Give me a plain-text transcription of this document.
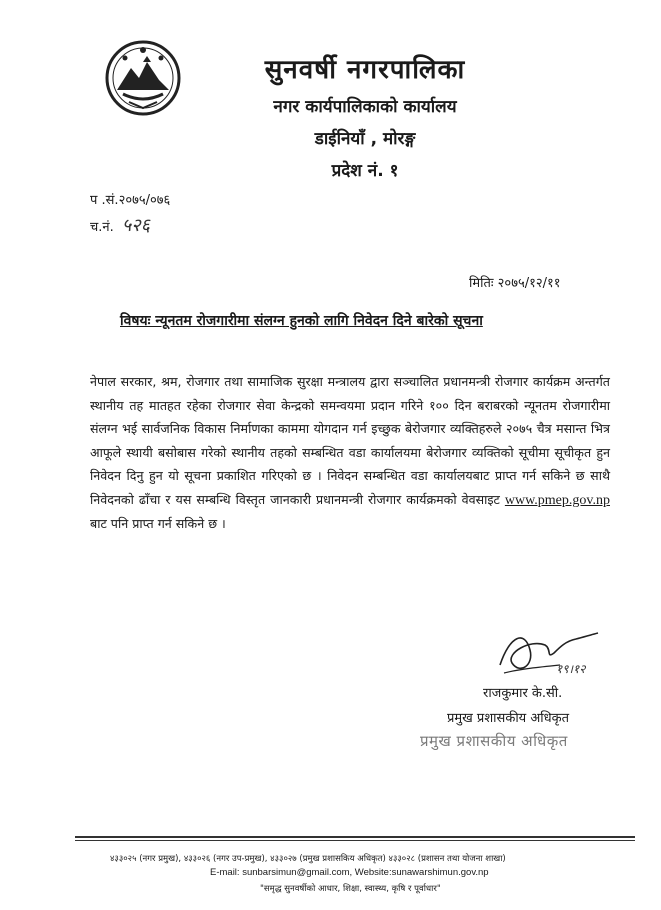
सुनवर्षी नगरपालिका
नगर कार्यपालिकाको कार्यालय
डाईनियाँ , मोरङ्ग
प्रदेश नं. १
प .सं.२०७५/०७६
च.नं. ५२६
मितिः २०७५/१२/११
विषयः न्यूनतम रोजगारीमा संलग्न हुनको लागि निवेदन दिने बारेको सूचना
नेपाल सरकार, श्रम, रोजगार तथा सामाजिक सुरक्षा मन्त्रालय द्वारा सञ्चालित प्रधानमन्त्री रोजगार कार्यक्रम अन्तर्गत स्थानीय तह मातहत रहेका रोजगार सेवा केन्द्रको समन्वयमा प्रदान गरिने १०० दिन बराबरको न्यूनतम रोजगारीमा संलग्न भई सार्वजनिक विकास निर्माणका काममा योगदान गर्न इच्छुक बेरोजगार व्यक्तिहरुले २०७५ चैत्र मसान्त भित्र आफूले स्थायी बसोबास गरेको स्थानीय तहको सम्बन्धित वडा कार्यालयमा बेरोजगार व्यक्तिको सूचीमा सूचीकृत हुन निवेदन दिनु हुन यो सूचना प्रकाशित गरिएको छ । निवेदन सम्बन्धित वडा कार्यालयबाट प्राप्त गर्न सकिने छ साथै निवेदनको ढाँचा र यस सम्बन्धि विस्तृत जानकारी प्रधानमन्त्री रोजगार कार्यक्रमको वेवसाइट www.pmep.gov.np बाट पनि प्राप्त गर्न सकिने छ ।
१९।१२
राजकुमार के.सी.
प्रमुख प्रशासकीय अधिकृत
प्रमुख प्रशासकीय अधिकृत
४३३०२५ (नगर प्रमुख), ४३३०२६ (नगर उप-प्रमुख), ४३३०२७ (प्रमुख प्रशासकिय अधिकृत) ४३३०२८ (प्रशासन तथा योजना शाखा)
E-mail: sunbarsimun@gmail.com, Website:sunawarshimun.gov.np
"समृद्ध सुनवर्षीको आधार, शिक्षा, स्वास्थ्य, कृषि र पूर्वाधार"
